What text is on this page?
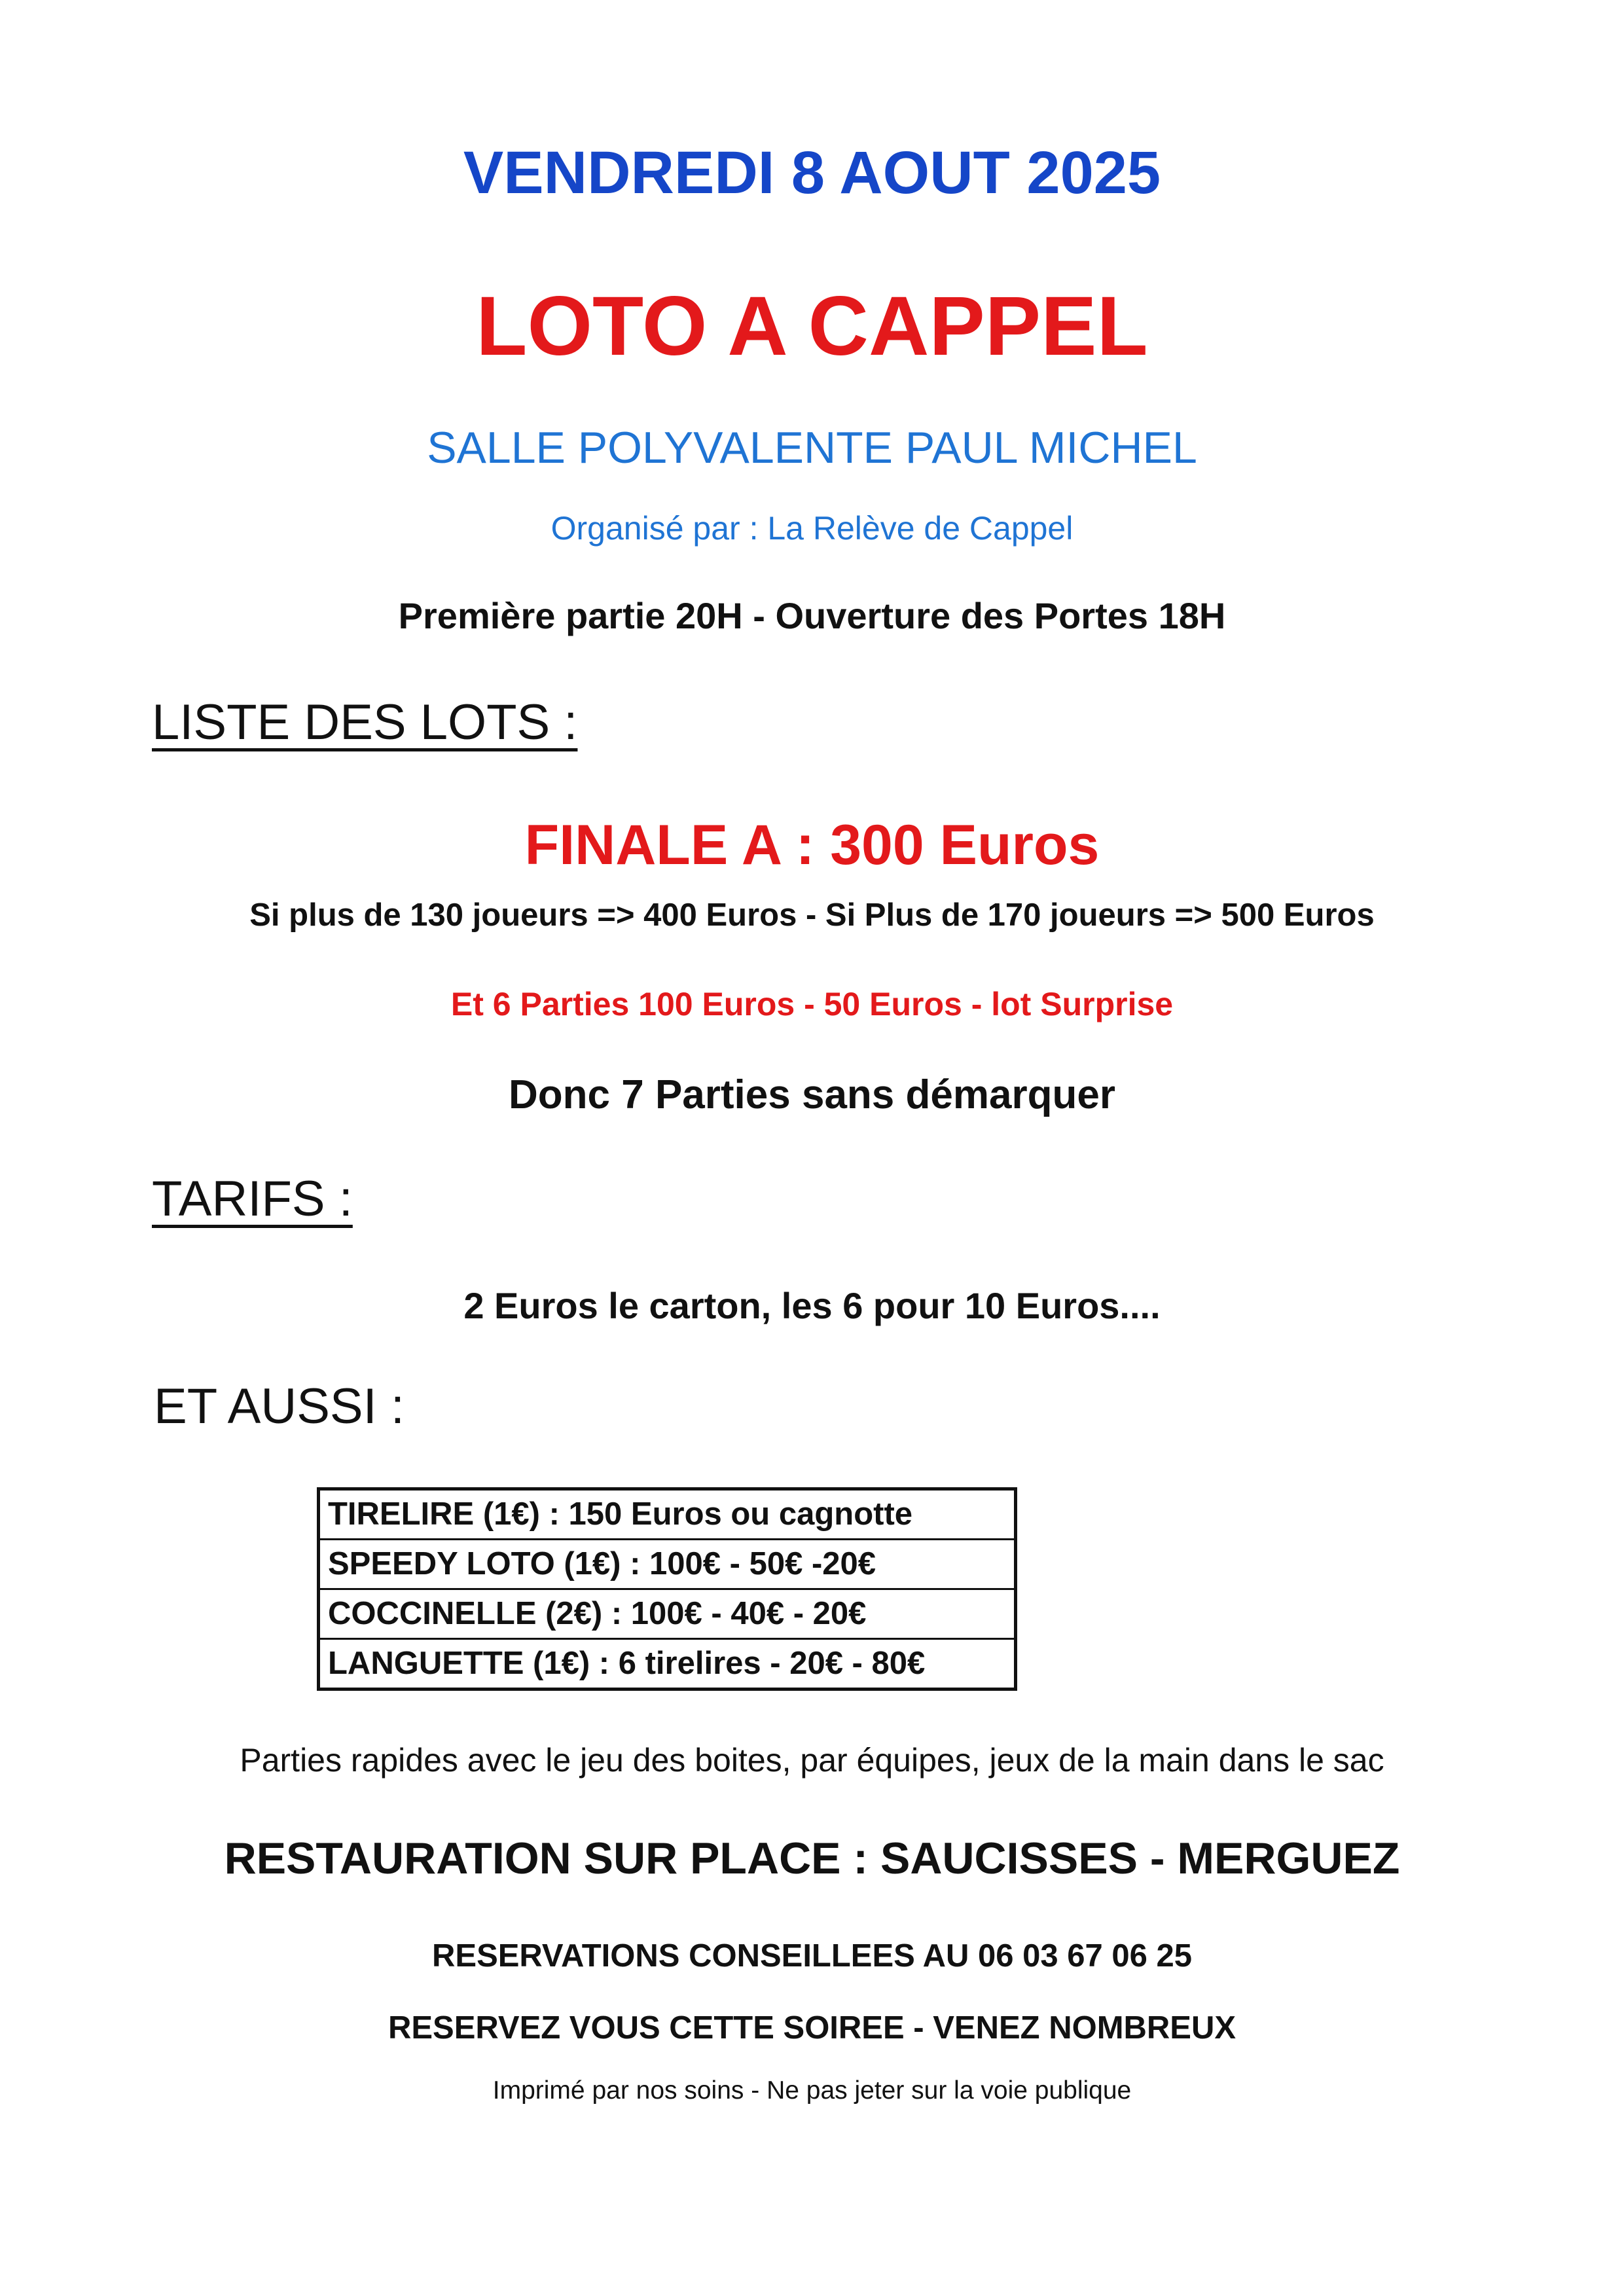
VENDREDI 8 AOUT 2025
LOTO A CAPPEL

SALLE POLYVALENTE PAUL MICHEL

Organisé par : La Relève de Cappel

Première partie 20H - Ouverture des Portes 18H

LISTE DES LOTS :

FINALE A : 300 Euros

Si plus de 130 joueurs => 400 Euros - Si Plus de 170 joueurs => 500 Euros

Et 6 Parties 100 Euros - 50 Euros - lot Surprise

Donc 7 Parties sans démarquer

TARIFS :

2 Euros le carton, les 6 pour 10 Euros....

ET AUSSI :

TIRELIRE (1€) : 150 Euros ou cagnotte
SPEEDY LOTO (1€) : 100€ - 50€ -20€
COCCINELLE (2€) : 100€ - 40€ - 20€
LANGUETTE (1€) : 6 tirelires - 20€ - 80€

Parties rapides avec le jeu des boites, par équipes, jeux de la main dans le sac

RESTAURATION SUR PLACE : SAUCISSES - MERGUEZ

RESERVATIONS CONSEILLEES AU 06 03 67 06 25

RESERVEZ VOUS CETTE SOIREE - VENEZ NOMBREUX

Imprimé par nos soins - Ne pas jeter sur la voie publique
